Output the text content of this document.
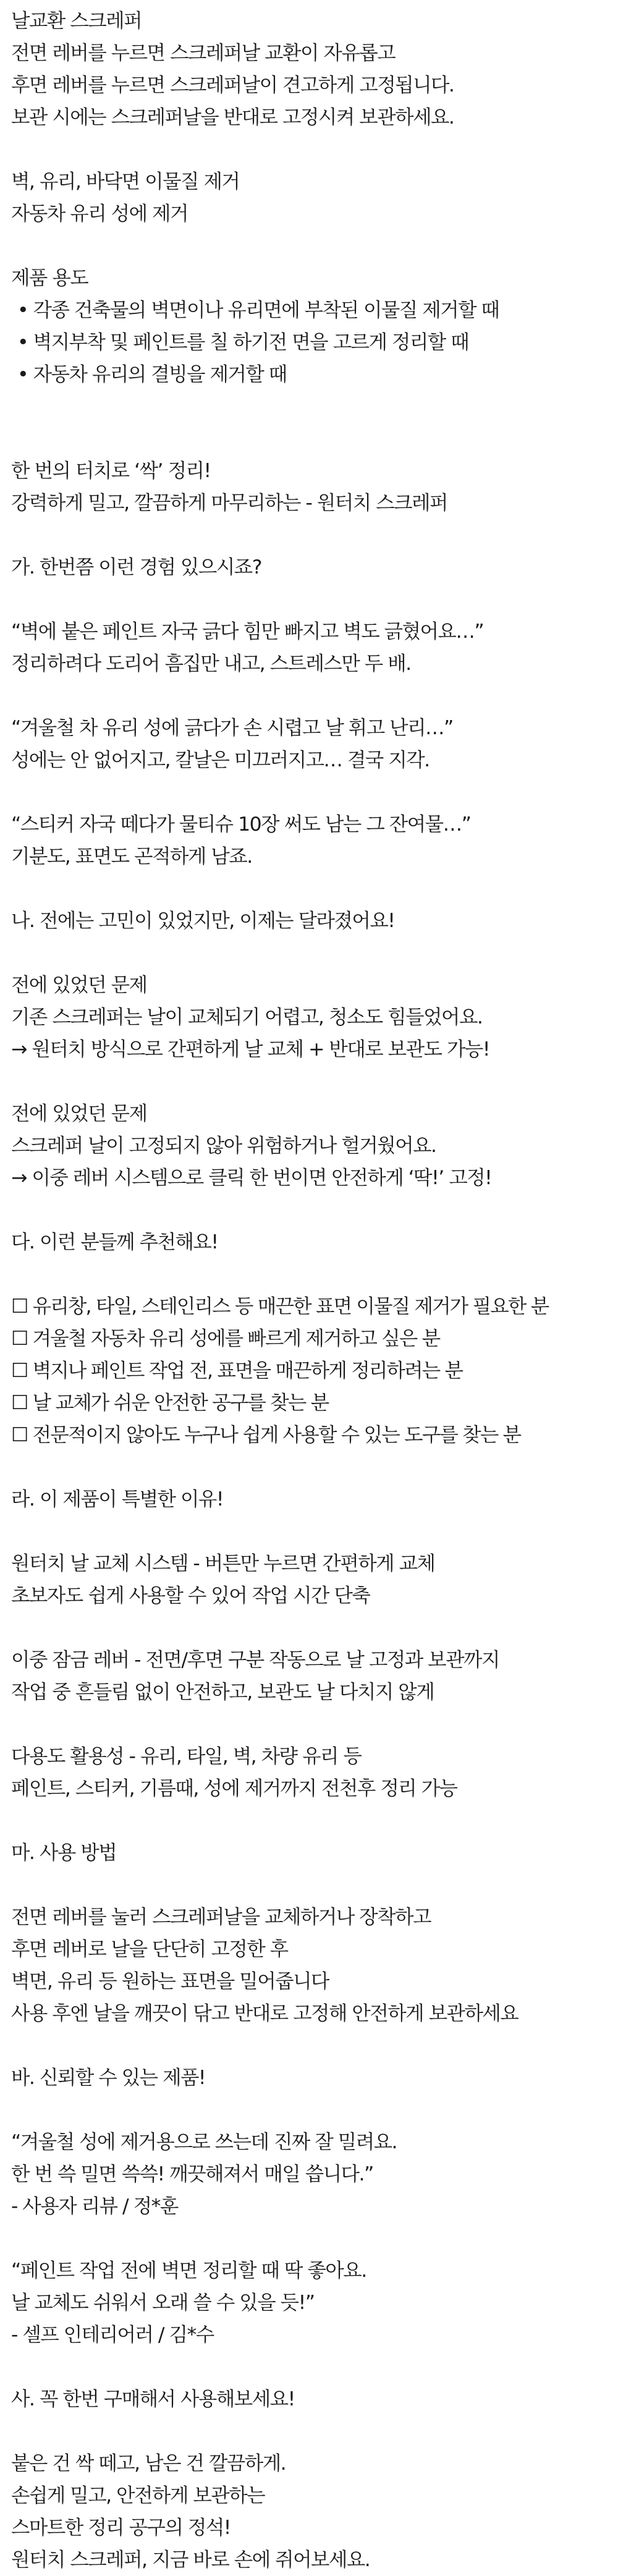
날교환 스크레퍼
전면 레버를 누르면 스크레퍼날 교환이 자유롭고
후면 레버를 누르면 스크레퍼날이 견고하게 고정됩니다.
보관 시에는 스크레퍼날을 반대로 고정시켜 보관하세요.
벽, 유리, 바닥면 이물질 제거
자동차 유리 성에 제거
제품 용도
• 각종 건축물의 벽면이나 유리면에 부착된 이물질 제거할 때
• 벽지부착 및 페인트를 칠 하기전 면을 고르게 정리할 때
• 자동차 유리의 결빙을 제거할 때
한 번의 터치로 ‘싹’ 정리!
강력하게 밀고, 깔끔하게 마무리하는 - 원터치 스크레퍼
가. 한번쯤 이런 경험 있으시죠?
“벽에 붙은 페인트 자국 긁다 힘만 빠지고 벽도 긁혔어요…”
정리하려다 도리어 흠집만 내고, 스트레스만 두 배.
“겨울철 차 유리 성에 긁다가 손 시렵고 날 휘고 난리…”
성에는 안 없어지고, 칼날은 미끄러지고… 결국 지각.
“스티커 자국 떼다가 물티슈 10장 써도 남는 그 잔여물…”
기분도, 표면도 곤적하게 남죠.
나. 전에는 고민이 있었지만, 이제는 달라졌어요!
전에 있었던 문제
기존 스크레퍼는 날이 교체되기 어렵고, 청소도 힘들었어요.
→ 원터치 방식으로 간편하게 날 교체 + 반대로 보관도 가능!
전에 있었던 문제
스크레퍼 날이 고정되지 않아 위험하거나 헐거웠어요.
→ 이중 레버 시스템으로 클릭 한 번이면 안전하게 ‘딱!’ 고정!
다. 이런 분들께 추천해요!
☐ 유리창, 타일, 스테인리스 등 매끈한 표면 이물질 제거가 필요한 분
☐ 겨울철 자동차 유리 성에를 빠르게 제거하고 싶은 분
☐ 벽지나 페인트 작업 전, 표면을 매끈하게 정리하려는 분
☐ 날 교체가 쉬운 안전한 공구를 찾는 분
☐ 전문적이지 않아도 누구나 쉽게 사용할 수 있는 도구를 찾는 분
라. 이 제품이 특별한 이유!
원터치 날 교체 시스템 - 버튼만 누르면 간편하게 교체
초보자도 쉽게 사용할 수 있어 작업 시간 단축
이중 잠금 레버 - 전면/후면 구분 작동으로 날 고정과 보관까지
작업 중 흔들림 없이 안전하고, 보관도 날 다치지 않게
다용도 활용성 - 유리, 타일, 벽, 차량 유리 등
페인트, 스티커, 기름때, 성에 제거까지 전천후 정리 가능
마. 사용 방법
전면 레버를 눌러 스크레퍼날을 교체하거나 장착하고
후면 레버로 날을 단단히 고정한 후
벽면, 유리 등 원하는 표면을 밀어줍니다
사용 후엔 날을 깨끗이 닦고 반대로 고정해 안전하게 보관하세요
바. 신뢰할 수 있는 제품!
“겨울철 성에 제거용으로 쓰는데 진짜 잘 밀려요.
한 번 쓱 밀면 쓱쓱! 깨끗해져서 매일 씁니다.”
- 사용자 리뷰 / 정*훈
“페인트 작업 전에 벽면 정리할 때 딱 좋아요.
날 교체도 쉬워서 오래 쓸 수 있을 듯!”
- 셀프 인테리어러 / 김*수
사. 꼭 한번 구매해서 사용해보세요!
붙은 건 싹 떼고, 남은 건 깔끔하게.
손쉽게 밀고, 안전하게 보관하는
스마트한 정리 공구의 정석!
원터치 스크레퍼, 지금 바로 손에 쥐어보세요.
